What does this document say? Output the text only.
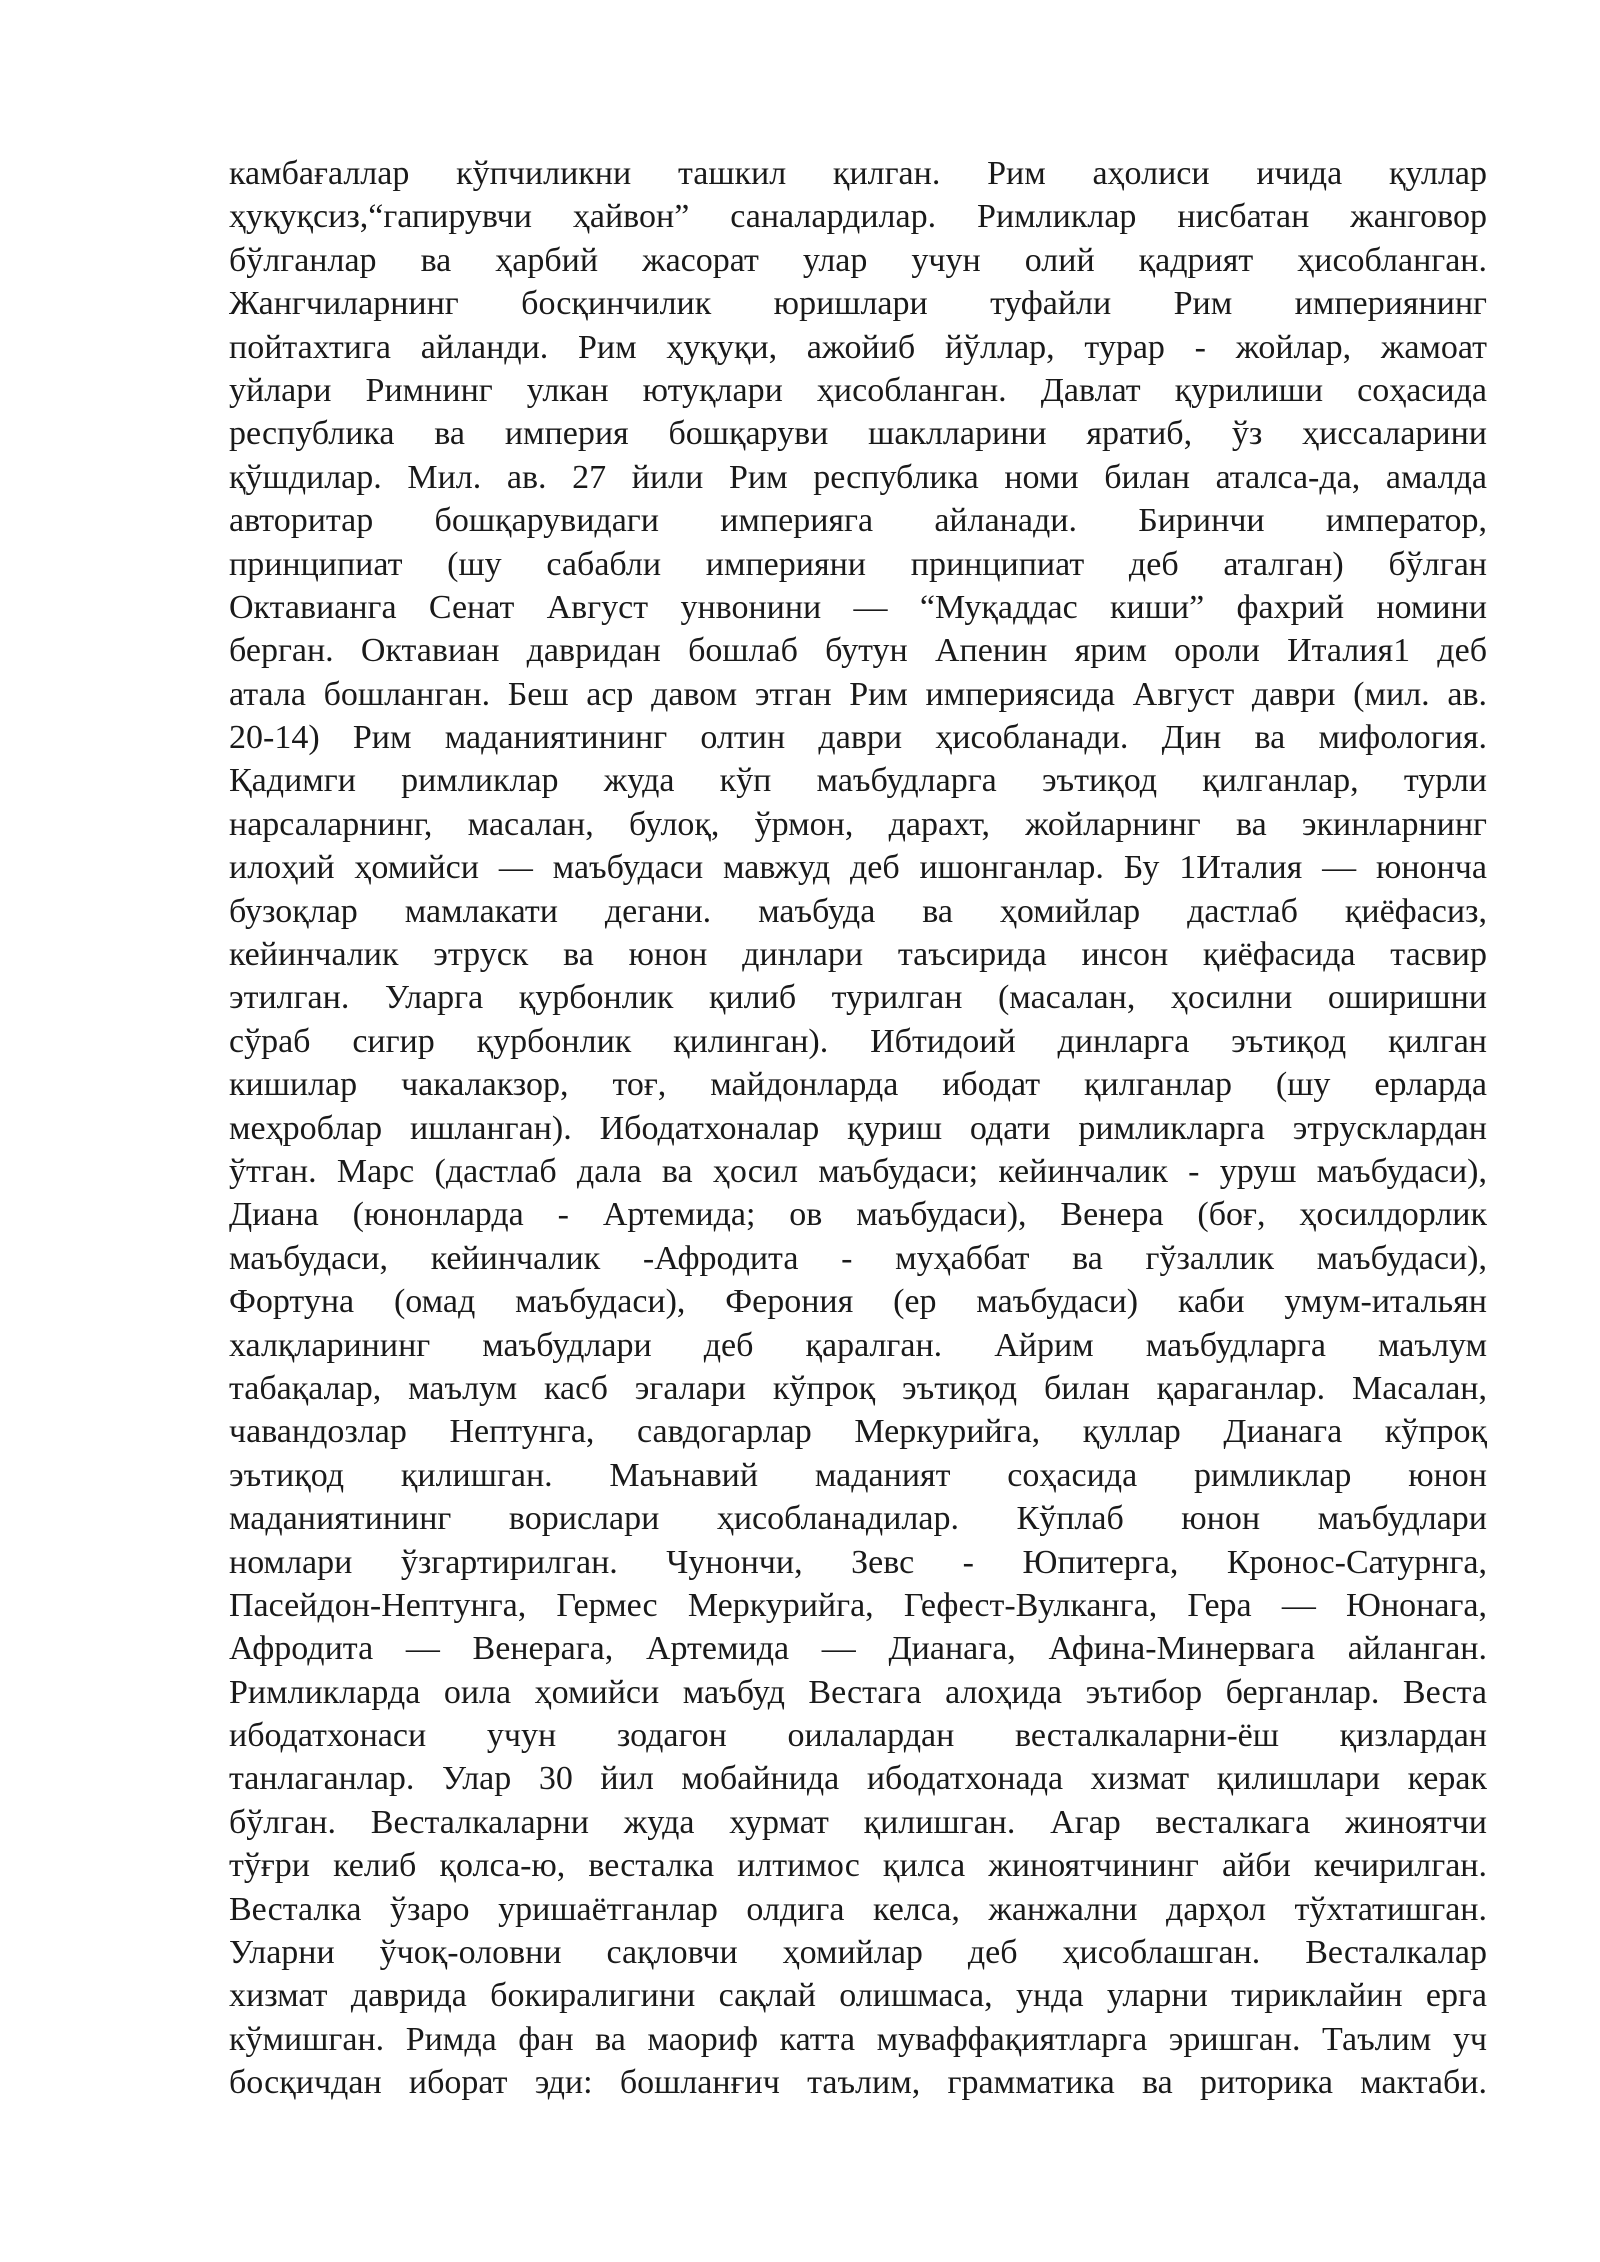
камбағаллар кўпчиликни ташкил қилган. Рим аҳолиси ичида қуллар
ҳуқуқсиз,“гапирувчи ҳайвон” саналардилар. Римликлар нисбатан жанговор
бўлганлар ва ҳарбий жасорат улар учун олий қадрият ҳисобланган.
Жангчиларнинг босқинчилик юришлари туфайли Рим империянинг
пойтахтига айланди. Рим ҳуқуқи, ажойиб йўллар, турар - жойлар, жамоат
уйлари Римнинг улкан ютуқлари ҳисобланган. Давлат қурилиши соҳасида
республика ва империя бошқаруви шаклларини яратиб, ўз ҳиссаларини
қўшдилар. Мил. ав. 27 йили Рим республика номи билан аталса-да, амалда
авторитар бошқарувидаги империяга айланади. Биринчи император,
принципиат (шу сабабли империяни принципиат деб аталган) бўлган
Октавианга Сенат Август унвонини — “Муқаддас киши” фахрий номини
берган. Октавиан давридан бошлаб бутун Апенин ярим ороли Италия1 деб
атала бошланган. Беш аср давом этган Рим империясида Август даври (мил. ав.
20-14) Рим маданиятининг олтин даври ҳисобланади. Дин ва мифология.
Қадимги римликлар жуда кўп маъбудларга эътиқод қилганлар, турли
нарсаларнинг, масалан, булоқ, ўрмон, дарахт, жойларнинг ва экинларнинг
илоҳий ҳомийси — маъбудаси мавжуд деб ишонганлар. Бу 1Италия — юнонча
бузоқлар мамлакати дегани. маъбуда ва ҳомийлар дастлаб қиёфасиз,
кейинчалик этруск ва юнон динлари таъсирида инсон қиёфасида тасвир
этилган. Уларга қурбонлик қилиб турилган (масалан, ҳосилни оширишни
сўраб сигир қурбонлик қилинган). Ибтидоий динларга эътиқод қилган
кишилар чакалакзор, тоғ, майдонларда ибодат қилганлар (шу ерларда
меҳроблар ишланган). Ибодатхоналар қуриш одати римликларга этрусклардан
ўтган. Марс (дастлаб дала ва ҳосил маъбудаси; кейинчалик - уруш маъбудаси),
Диана (юнонларда - Артемида; ов маъбудаси), Венера (боғ, ҳосилдорлик
маъбудаси, кейинчалик -Афродита - муҳаббат ва гўзаллик маъбудаси),
Фортуна (омад маъбудаси), Ферония (ер маъбудаси) каби умум-итальян
халқларининг маъбудлари деб қаралган. Айрим маъбудларга маълум
табақалар, маълум касб эгалари кўпроқ эътиқод билан қараганлар. Масалан,
чавандозлар Нептунга, савдогарлар Меркурийга, қуллар Дианага кўпроқ
эътиқод қилишган. Маънавий маданият соҳасида римликлар юнон
маданиятининг ворислари ҳисобланадилар. Кўплаб юнон маъбудлари
номлари ўзгартирилган. Чунончи, Зевс - Юпитерга, Кронос-Сатурнга,
Пасейдон-Нептунга, Гермес Меркурийга, Гефест-Вулканга, Гера — Юнонага,
Афродита — Венерага, Артемида — Дианага, Афина-Минервага айланган.
Римликларда оила ҳомийси маъбуд Вестага алоҳида эътибор берганлар. Веста
ибодатхонаси учун зодагон оилалардан весталкаларни-ёш қизлардан
танлаганлар. Улар 30 йил мобайнида ибодатхонада хизмат қилишлари керак
бўлган. Весталкаларни жуда хурмат қилишган. Агар весталкага жиноятчи
тўғри келиб қолса-ю, весталка илтимос қилса жиноятчининг айби кечирилган.
Весталка ўзаро уришаётганлар олдига келса, жанжални дарҳол тўхтатишган.
Уларни ўчоқ-оловни сақловчи ҳомийлар деб ҳисоблашган. Весталкалар
хизмат даврида бокиралигини сақлай олишмаса, унда уларни тириклайин ерга
кўмишган. Римда фан ва маориф катта муваффақиятларга эришган. Таълим уч
босқичдан иборат эди: бошланғич таълим, грамматика ва риторика мактаби.
